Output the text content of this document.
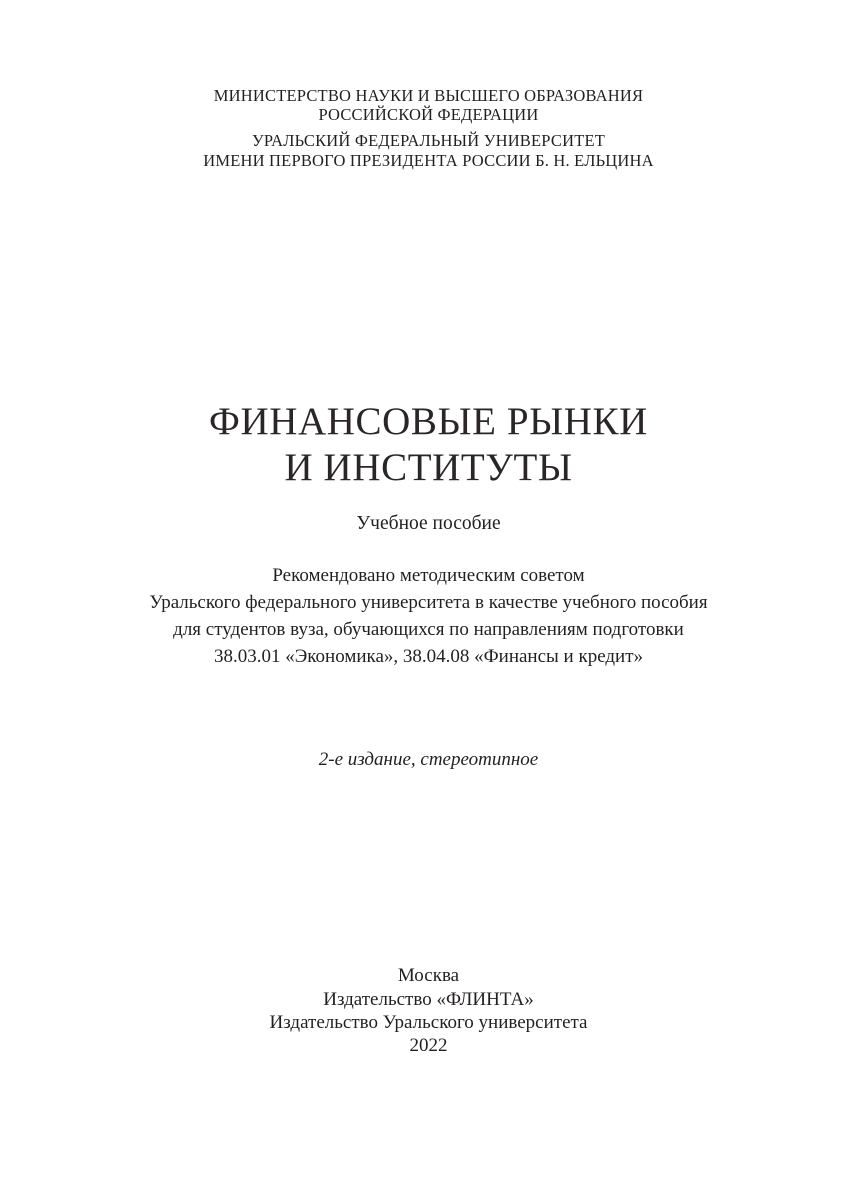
МИНИСТЕРСТВО НАУКИ И ВЫСШЕГО ОБРАЗОВАНИЯ
РОССИЙСКОЙ ФЕДЕРАЦИИ
УРАЛЬСКИЙ ФЕДЕРАЛЬНЫЙ УНИВЕРСИТЕТ
ИМЕНИ ПЕРВОГО ПРЕЗИДЕНТА РОССИИ Б. Н. ЕЛЬЦИНА
ФИНАНСОВЫЕ РЫНКИ
И ИНСТИТУТЫ
Учебное пособие
Рекомендовано методическим советом
Уральского федерального университета в качестве учебного пособия
для студентов вуза, обучающихся по направлениям подготовки
38.03.01 «Экономика», 38.04.08 «Финансы и кредит»
2-е издание, стереотипное
Москва
Издательство «ФЛИНТА»
Издательство Уральского университета
2022
